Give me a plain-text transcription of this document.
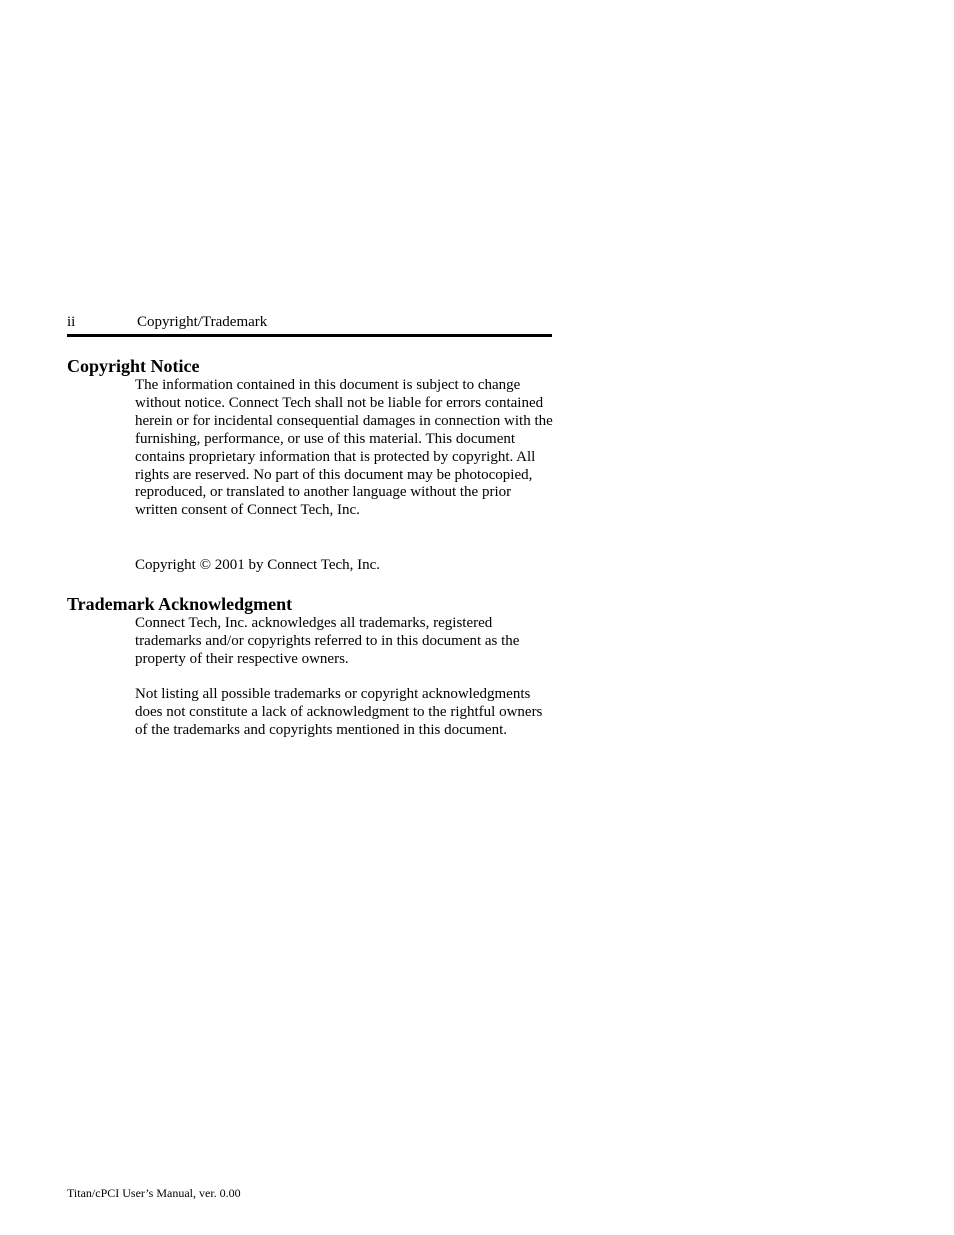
ii	Copyright/Trademark
Copyright Notice

The information contained in this document is subject to change without notice. Connect Tech shall not be liable for errors contained herein or for incidental consequential damages in connection with the furnishing, performance, or use of this material. This document contains proprietary information that is protected by copyright. All rights are reserved. No part of this document may be photocopied, reproduced, or translated to another language without the prior written consent of Connect Tech, Inc.

Copyright © 2001 by Connect Tech, Inc.

Trademark Acknowledgment

Connect Tech, Inc. acknowledges all trademarks, registered trademarks and/or copyrights referred to in this document as the property of their respective owners.

Not listing all possible trademarks or copyright acknowledgments does not constitute a lack of acknowledgment to the rightful owners of the trademarks and copyrights mentioned in this document.

Titan/cPCI User’s Manual, ver. 0.00
